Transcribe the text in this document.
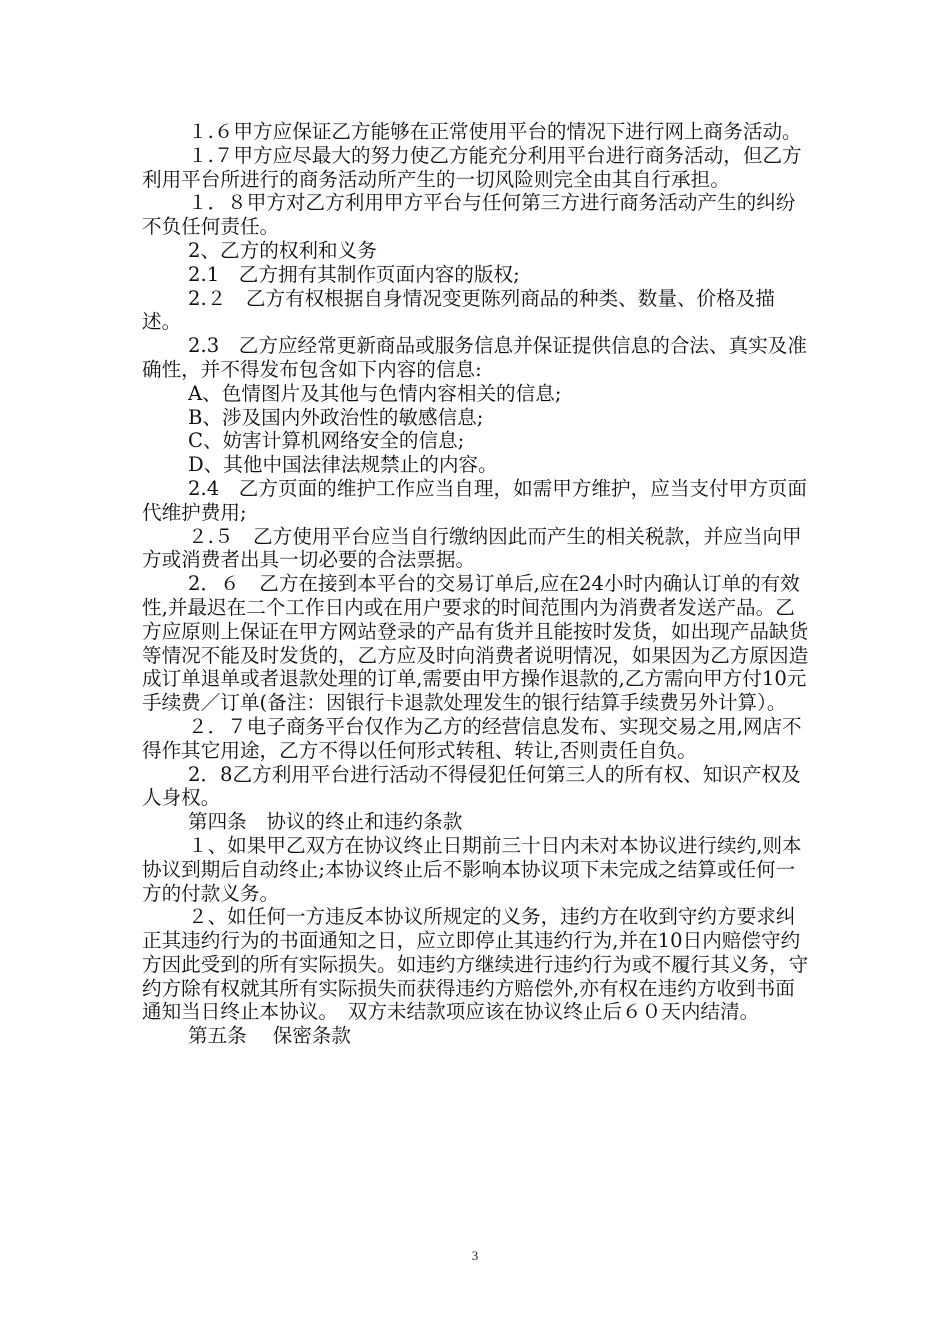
１.６甲方应保证乙方能够在正常使用平台的情况下进行网上商务活动。

１.７甲方应尽最大的努力使乙方能充分利用平台进行商务活动，但乙方利用平台所进行的商务活动所产生的一切风险则完全由其自行承担。

１．８甲方对乙方利用甲方平台与任何第三方进行商务活动产生的纠纷不负任何责任。

2、乙方的权利和义务

2.1　乙方拥有其制作页面内容的版权;

2.２　乙方有权根据自身情况变更陈列商品的种类、数量、价格及描述。

2.3　乙方应经常更新商品或服务信息并保证提供信息的合法、真实及准确性，并不得发布包含如下内容的信息:

A、色情图片及其他与色情内容相关的信息;

B、涉及国内外政治性的敏感信息;

C、妨害计算机网络安全的信息;

D、其他中国法律法规禁止的内容。

2.4　乙方页面的维护工作应当自理，如需甲方维护，应当支付甲方页面代维护费用;

２.５　乙方使用平台应当自行缴纳因此而产生的相关税款，并应当向甲方或消费者出具一切必要的合法票据。

2．６　乙方在接到本平台的交易订单后,应在24小时内确认订单的有效性,并最迟在二个工作日内或在用户要求的时间范围内为消费者发送产品。乙方应原则上保证在甲方网站登录的产品有货并且能按时发货，如出现产品缺货等情况不能及时发货的，乙方应及时向消费者说明情况，如果因为乙方原因造成订单退单或者退款处理的订单,需要由甲方操作退款的,乙方需向甲方付10元手续费／订单(备注：因银行卡退款处理发生的银行结算手续费另外计算）。

２．７电子商务平台仅作为乙方的经营信息发布、实现交易之用,网店不得作其它用途，乙方不得以任何形式转租、转让,否则责任自负。

2．8乙方利用平台进行活动不得侵犯任何第三人的所有权、知识产权及人身权。

第四条　协议的终止和违约条款

１、如果甲乙双方在协议终止日期前三十日内未对本协议进行续约,则本协议到期后自动终止;本协议终止后不影响本协议项下未完成之结算或任何一方的付款义务。

２、如任何一方违反本协议所规定的义务，违约方在收到守约方要求纠正其违约行为的书面通知之日，应立即停止其违约行为,并在10日内赔偿守约方因此受到的所有实际损失。如违约方继续进行违约行为或不履行其义务，守约方除有权就其所有实际损失而获得违约方赔偿外,亦有权在违约方收到书面通知当日终止本协议。　双方未结款项应该在协议终止后６０天内结清。

第五条　 保密条款

3
